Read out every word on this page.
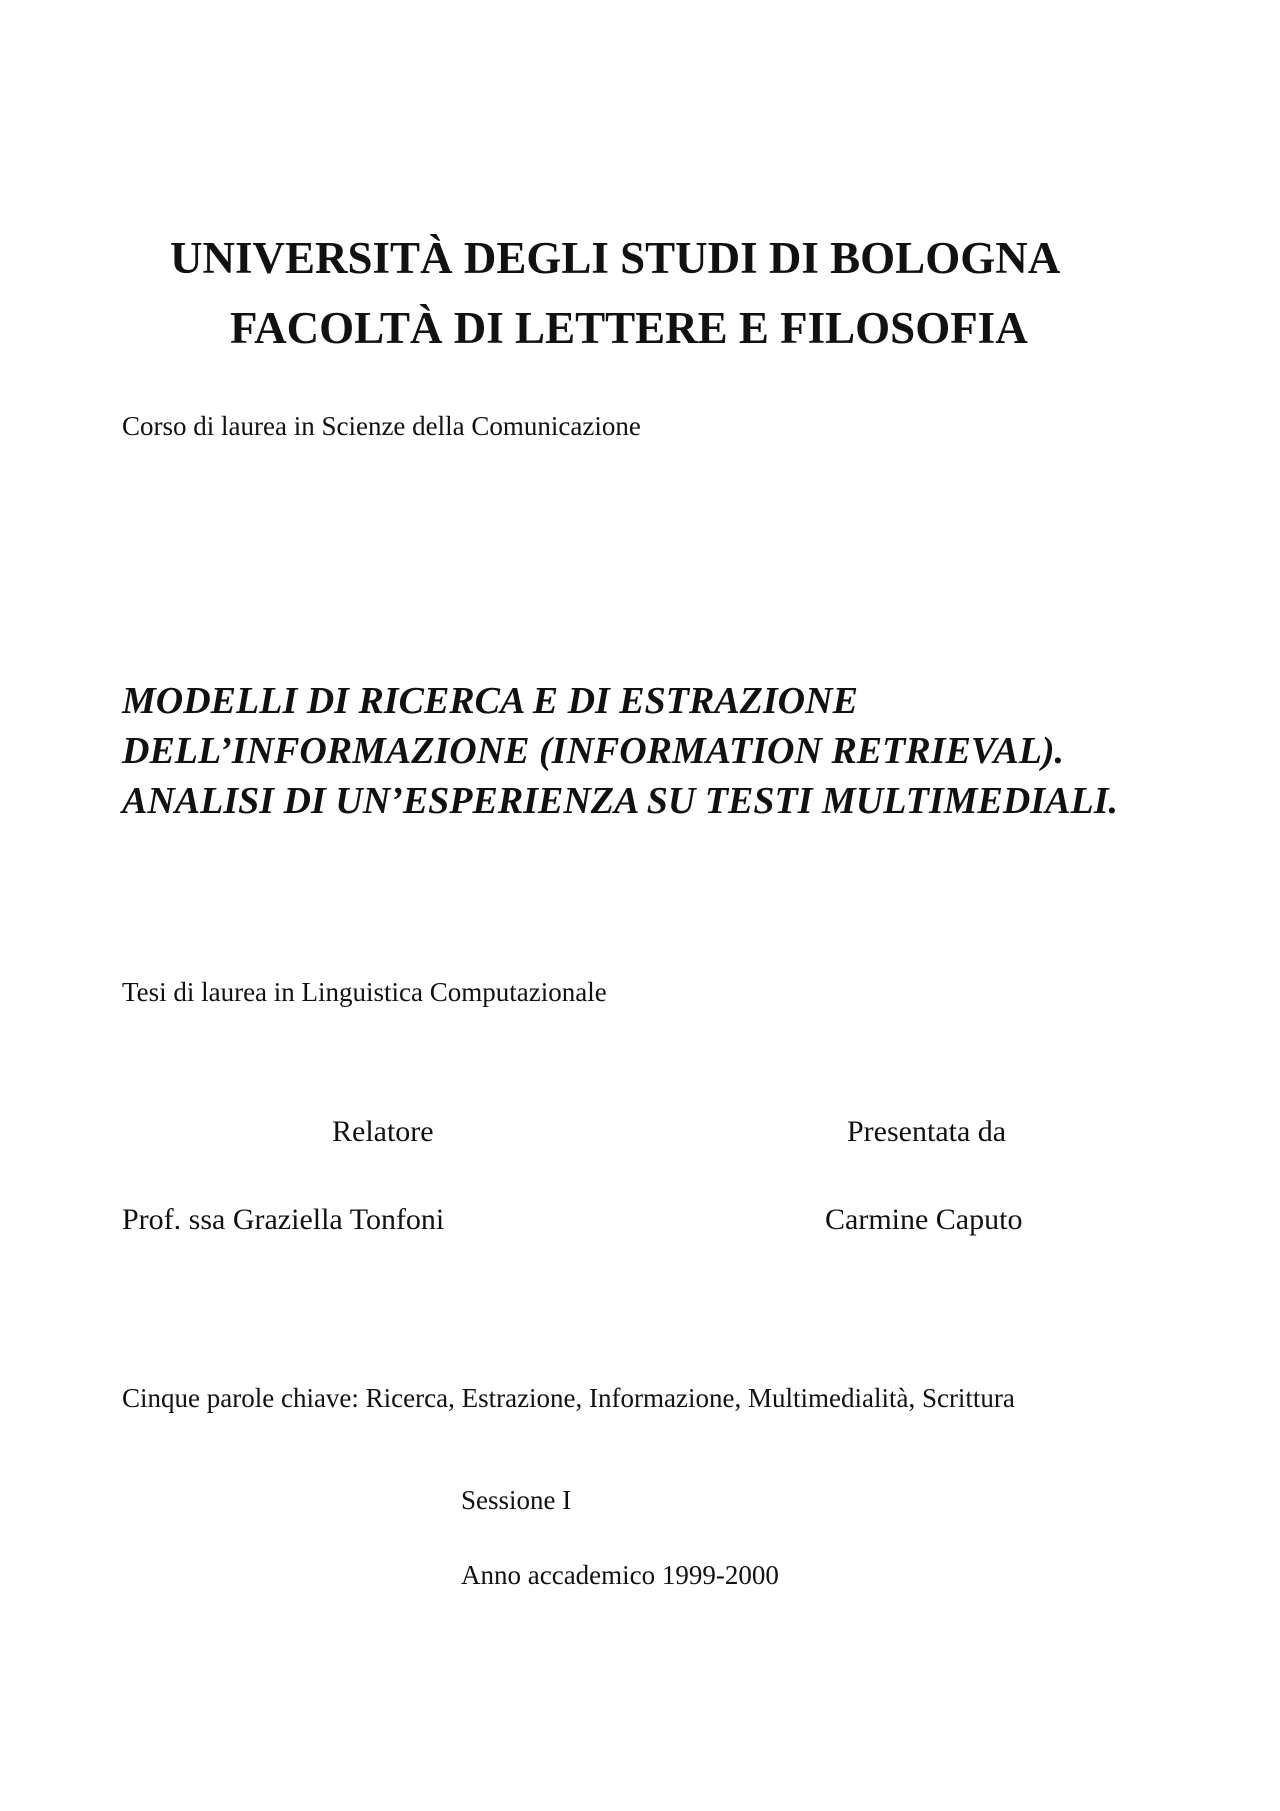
UNIVERSITÀ DEGLI STUDI DI BOLOGNA
FACOLTÀ DI LETTERE E FILOSOFIA

Corso di laurea in Scienze della Comunicazione

MODELLI DI RICERCA E DI ESTRAZIONE
DELL’INFORMAZIONE (INFORMATION RETRIEVAL).
ANALISI DI UN’ESPERIENZA SU TESTI MULTIMEDIALI.

Tesi di laurea in Linguistica Computazionale

Relatore	Presentata da

Prof. ssa Graziella Tonfoni	Carmine Caputo

Cinque parole chiave: Ricerca, Estrazione, Informazione, Multimedialità, Scrittura

Sessione I

Anno accademico 1999-2000
